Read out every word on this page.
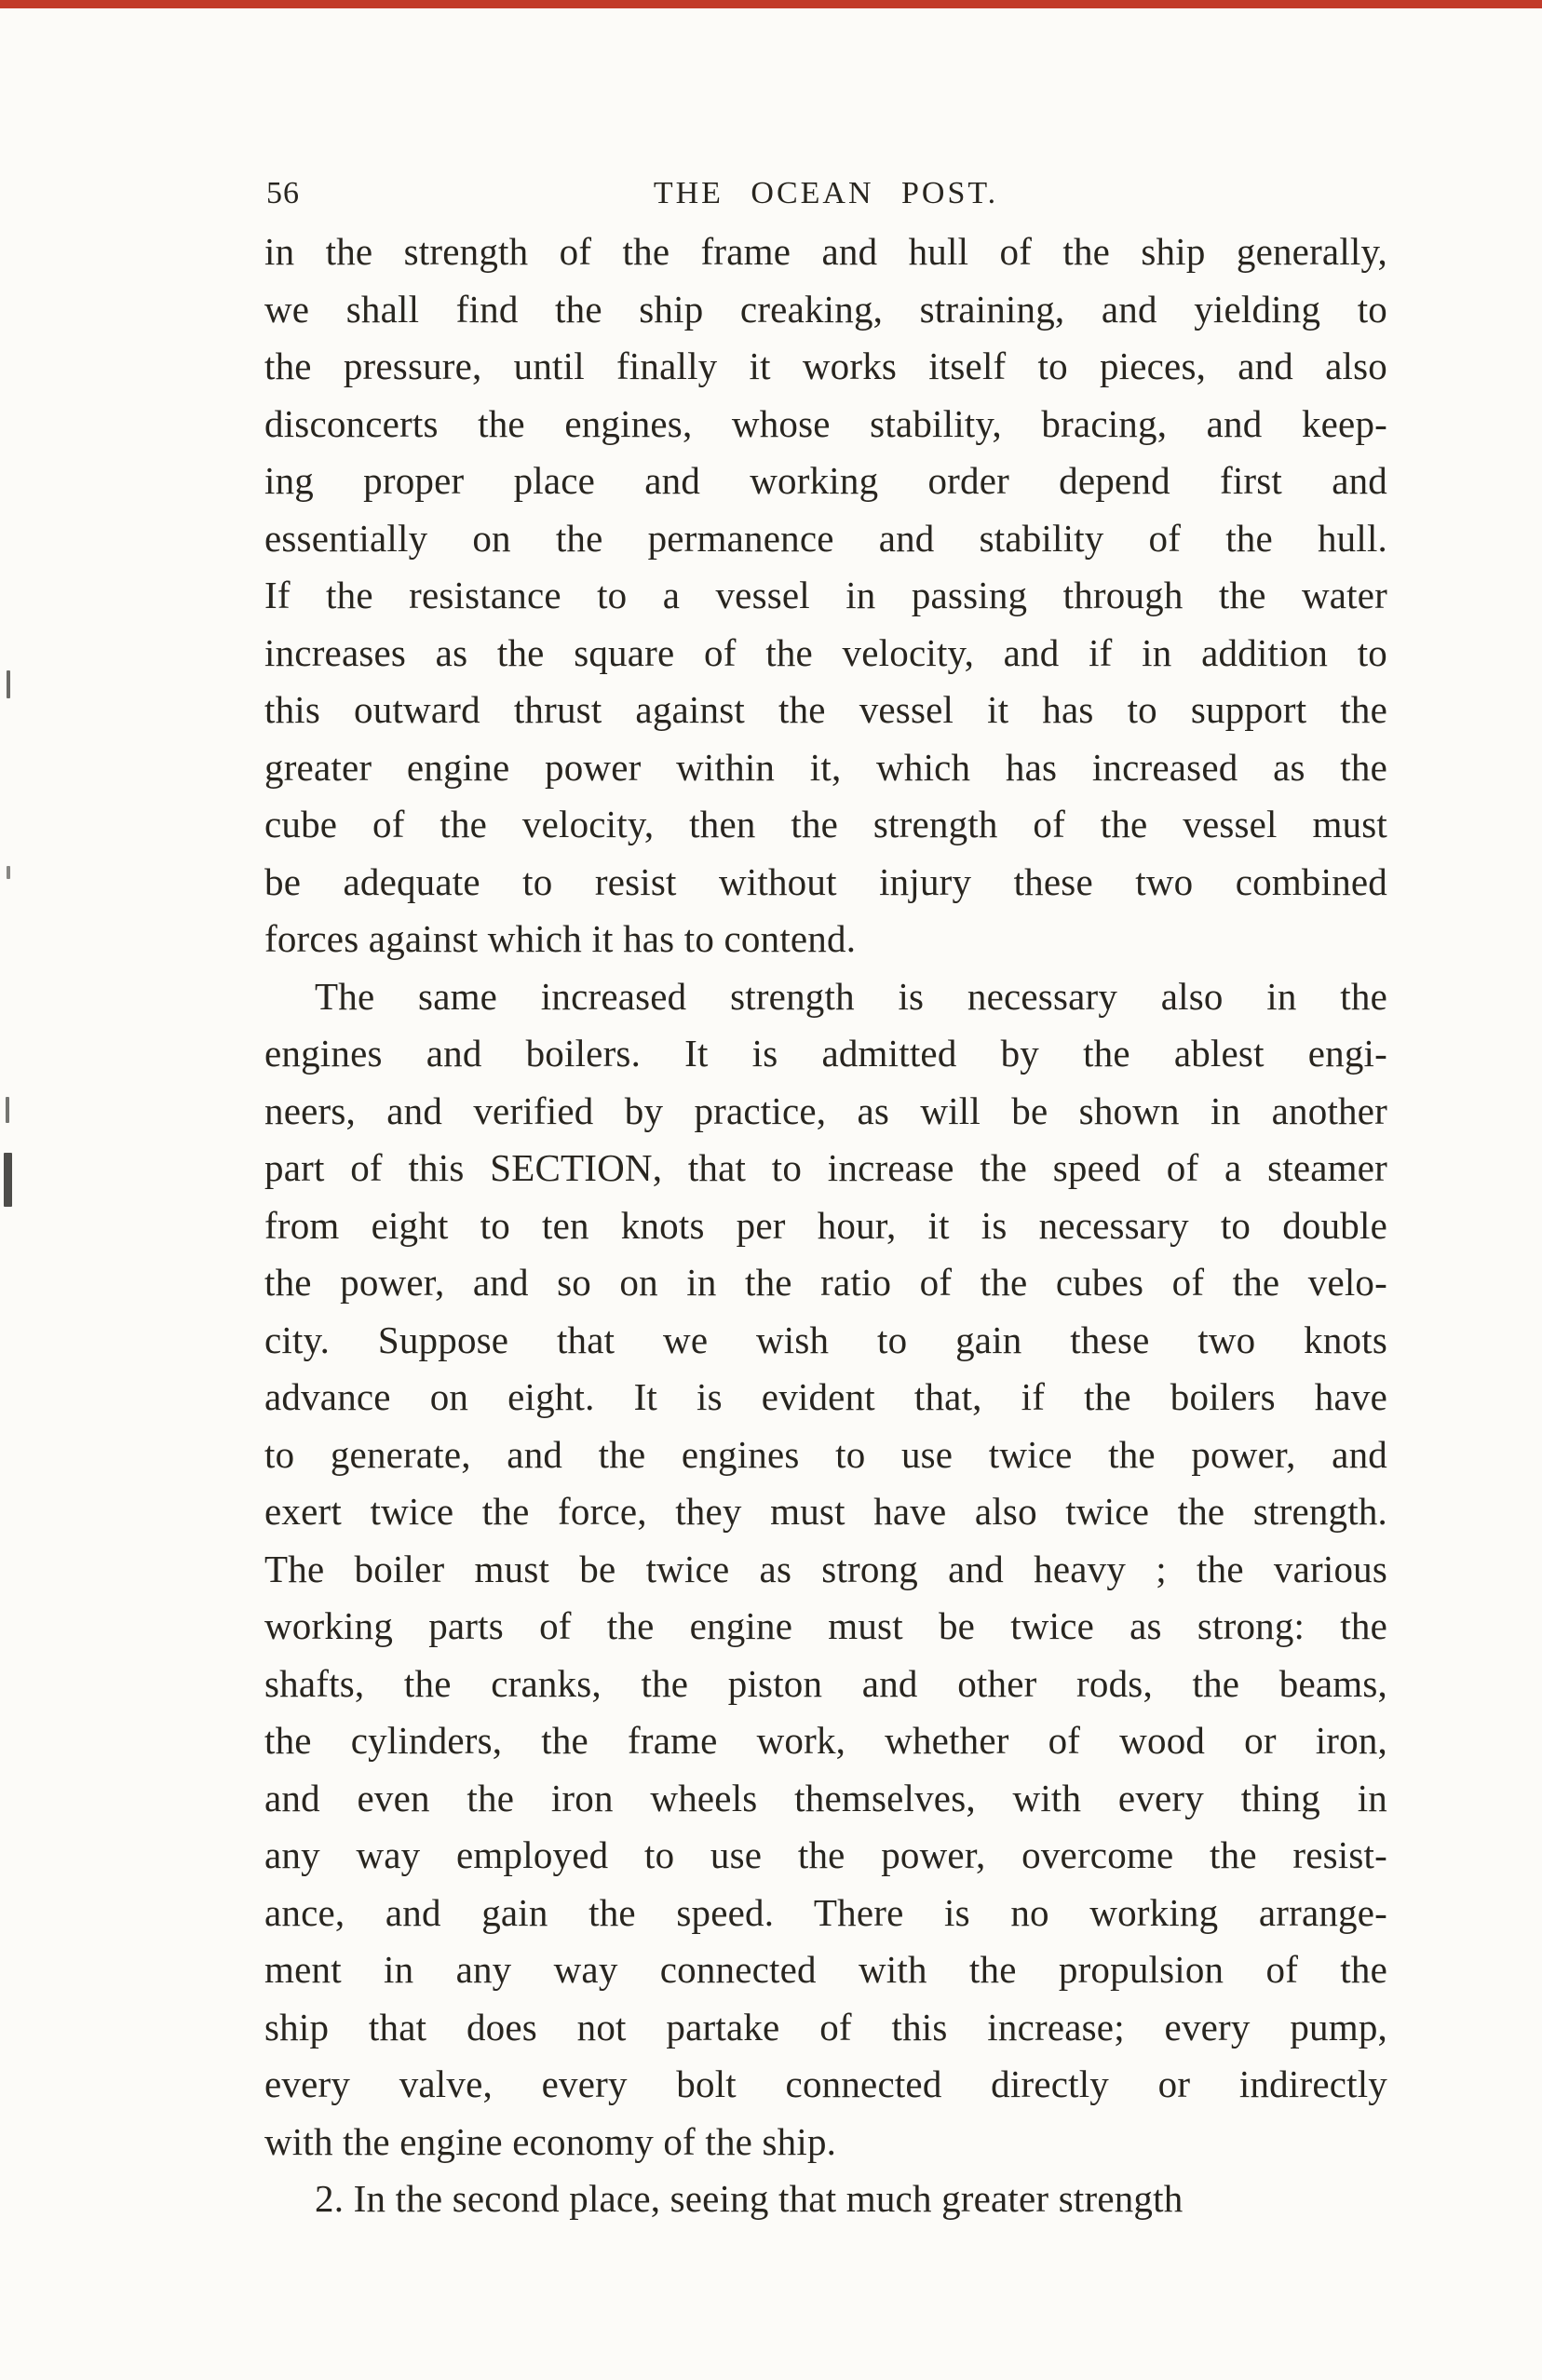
56	THE OCEAN POST.
in the strength of the frame and hull of the ship generally,
we shall find the ship creaking, straining, and yielding to
the pressure, until finally it works itself to pieces, and also
disconcerts the engines, whose stability, bracing, and keep-
ing proper place and working order depend first and
essentially on the permanence and stability of the hull.
If the resistance to a vessel in passing through the water
increases as the square of the velocity, and if in addition to
this outward thrust against the vessel it has to support the
greater engine power within it, which has increased as the
cube of the velocity, then the strength of the vessel must
be adequate to resist without injury these two combined
forces against which it has to contend.
The same increased strength is necessary also in the
engines and boilers. It is admitted by the ablest engi-
neers, and verified by practice, as will be shown in another
part of this SECTION, that to increase the speed of a steamer
from eight to ten knots per hour, it is necessary to double
the power, and so on in the ratio of the cubes of the velo-
city. Suppose that we wish to gain these two knots
advance on eight. It is evident that, if the boilers have
to generate, and the engines to use twice the power, and
exert twice the force, they must have also twice the strength.
The boiler must be twice as strong and heavy ; the various
working parts of the engine must be twice as strong: the
shafts, the cranks, the piston and other rods, the beams,
the cylinders, the frame work, whether of wood or iron,
and even the iron wheels themselves, with every thing in
any way employed to use the power, overcome the resist-
ance, and gain the speed. There is no working arrange-
ment in any way connected with the propulsion of the
ship that does not partake of this increase; every pump,
every valve, every bolt connected directly or indirectly
with the engine economy of the ship.
2. In the second place, seeing that much greater strength
